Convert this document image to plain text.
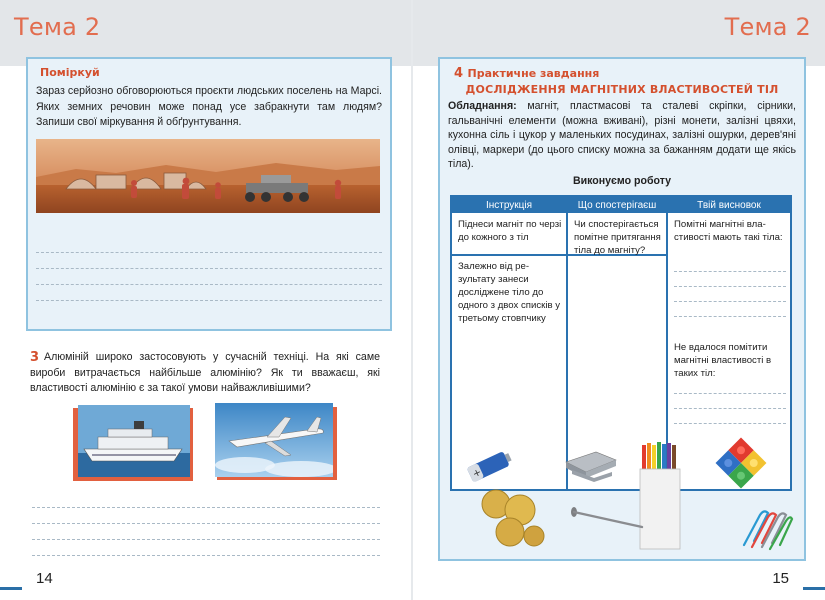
Тема 2
Поміркуй
Зараз серйозно обговорюються проєкти людських поселень на Марсі. Яких земних речовин може понад усе забракнути там людям? Запиши свої міркування й обґрунтування.
3 Алюміній широко застосовують у сучасній техніці. На які саме вироби витрачається найбільше алюмінію? Як ти вважаєш, які властивості алюмінію є за такої умови найважливішими?
14
Тема 2
4 Практичне завдання
ДОСЛІДЖЕННЯ МАГНІТНИХ ВЛАСТИВОСТЕЙ ТІЛ
Обладнання: магніт, пластмасові та сталеві скріпки, сірники, гальванічні елементи (можна вживані), різні монети, залізні цвяхи, кухонна сіль і цукор у маленьких посудинах, залізні ошурки, дерев'яні олівці, маркери (до цього списку можна за бажанням додати ще якісь тіла).
Виконуємо роботу
Інструкція	Що спостерігаєш	Твій висновок
Піднеси магніт по черзі до кожного з тіл
Чи спостерігається помітне притягання тіла до магніту?
Залежно від результату занеси досліджене тіло до одного з двох списків у третьому стовпчику
Помітні магнітні властивості мають такі тіла:
Не вдалося помітити магнітні властивості в таких тіл:
+
15
